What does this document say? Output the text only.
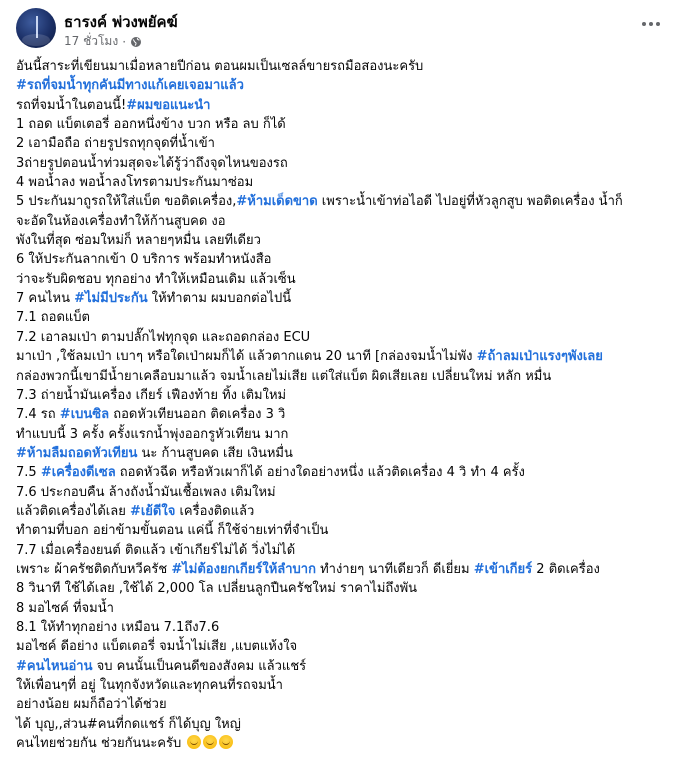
ธารงค์ พ่วงพยัคฆ์
17 ชั่วโมง ·
อันนี้สาระที่เขียนมาเมื่อหลายปีก่อน ตอนผมเป็นเซลล์ขายรถมือสองนะครับ
#รถที่จมน้ำทุกคันมีทางแก้เคยเจอมาแล้ว
รถที่จมน้ำในตอนนี้!#ผมขอแนะนำ
1 ถอด แบ็ตเตอรี่ ออกหนึ่งข้าง บวก หรือ ลบ ก็ได้
2 เอามือถือ ถ่ายรูปรถทุกจุดที่น้ำเข้า
3ถ่ายรูปตอนน้ำท่วมสุดจะได้รู้ว่าถึงจุดไหนของรถ
4 พอน้ำลง พอน้ำลงโทรตามประกันมาซ่อม
5 ประกันมาถูรถให้ใส่แบ็ต ขอติดเครื่อง,#ห้ามเด็ดขาด เพราะน้ำเข้าท่อไอดี ไปอยู่ที่หัวลูกสูบ พอติดเครื่อง น้ำก็
จะอัดในห้องเครื่องทำให้ก้านสูบคด งอ
พังในที่สุด ซ่อมใหม่ก็ หลายๆหมื่น เลยทีเดียว
6 ให้ประกันลากเข้า 0 บริการ พร้อมทำหนังสือ
ว่าจะรับผิดชอบ ทุกอย่าง ทำให้เหมือนเดิม แล้วเซ็น
7 คนไหน #ไม่มีประกัน ให้ทำตาม ผมบอกต่อไปนี้
7.1 ถอดแบ็ต
7.2 เอาลมเป่า ตามปลั๊กไฟทุกจุด และถอดกล่อง ECU
มาเป่า ,ใช้ลมเป่า เบาๆ หรือใดเป่าผมก็ได้ แล้วตากแดน 20 นาที [กล่องจมน้ำไม่พัง #ถ้าลมเป่าแรงๆพังเลย
กล่องพวกนี้เขามีน้ำยาเคลือบมาแล้ว จมน้ำเลยไม่เสีย แต่ใส่แบ็ต ผิดเสียเลย เปลี่ยนใหม่ หลัก หมื่น
7.3 ถ่ายน้ำมันเครื่อง เกียร์ เฟืองท้าย ทิ้ง เติมใหม่
7.4 รถ #เบนซิล ถอดหัวเทียนออก ติดเครื่อง 3 วิ
ทำแบบนี้ 3 ครั้ง ครั้งแรกน้ำพุ่งออกรูหัวเทียน มาก
#ห้ามลืมถอดหัวเทียน นะ ก้านสูบคด เสีย เงินหมื่น
7.5 #เครื่องดีเซล ถอดหัวฉีด หรือหัวเผาก็ได้ อย่างใดอย่างหนึ่ง แล้วติดเครื่อง 4 วิ ทำ 4 ครั้ง
7.6 ประกอบคืน ล้างถังน้ำมันเชื้อเพลง เติมใหม่
แล้วติดเครื่องได้เลย #เย้ดีใจ เครื่องติดแล้ว
ทำตามที่บอก อย่าข้ามขั้นตอน แค่นี้ ก็ใช้จ่ายเท่าที่จำเป็น
7.7 เมื่อเครื่องยนต์ ติดแล้ว เข้าเกียร์ไม่ได้ วิ่งไม่ได้
เพราะ ผ้าครัชติดกับหวีครัช #ไม่ต้องยกเกียร์ให้ลำบาก ทำง่ายๆ นาทีเดียวก็ ดีเยี่ยม #เข้าเกียร์ 2 ติดเครื่อง
8 วินาที ใช้ได้เลย ,ใช้ได้ 2,000 โล เปลี่ยนลูกปืนครัชใหม่ ราคาไม่ถึงพัน
8 มอไซค์ ที่จมน้ำ
8.1 ให้ทำทุกอย่าง เหมือน 7.1ถึง7.6
มอไซค์ ดีอย่าง แบ็ตเตอรี่ จมน้ำไม่เสีย ,แบตแห้งใจ
#คนไหนอ่าน จบ คนนั้นเป็นคนดีของสังคม แล้วแชร์
ให้เพื่อนๆที่ อยู่ ในทุกจังหวัดและทุกคนที่รถจมน้ำ
อย่างน้อย ผมก็ถือว่าได้ช่วย
ได้ บุญ,,ส่วน#คนที่กดแชร์ ก็ได้บุญ ใหญ่
คนไทยช่วยกัน ช่วยกันนะครับ
